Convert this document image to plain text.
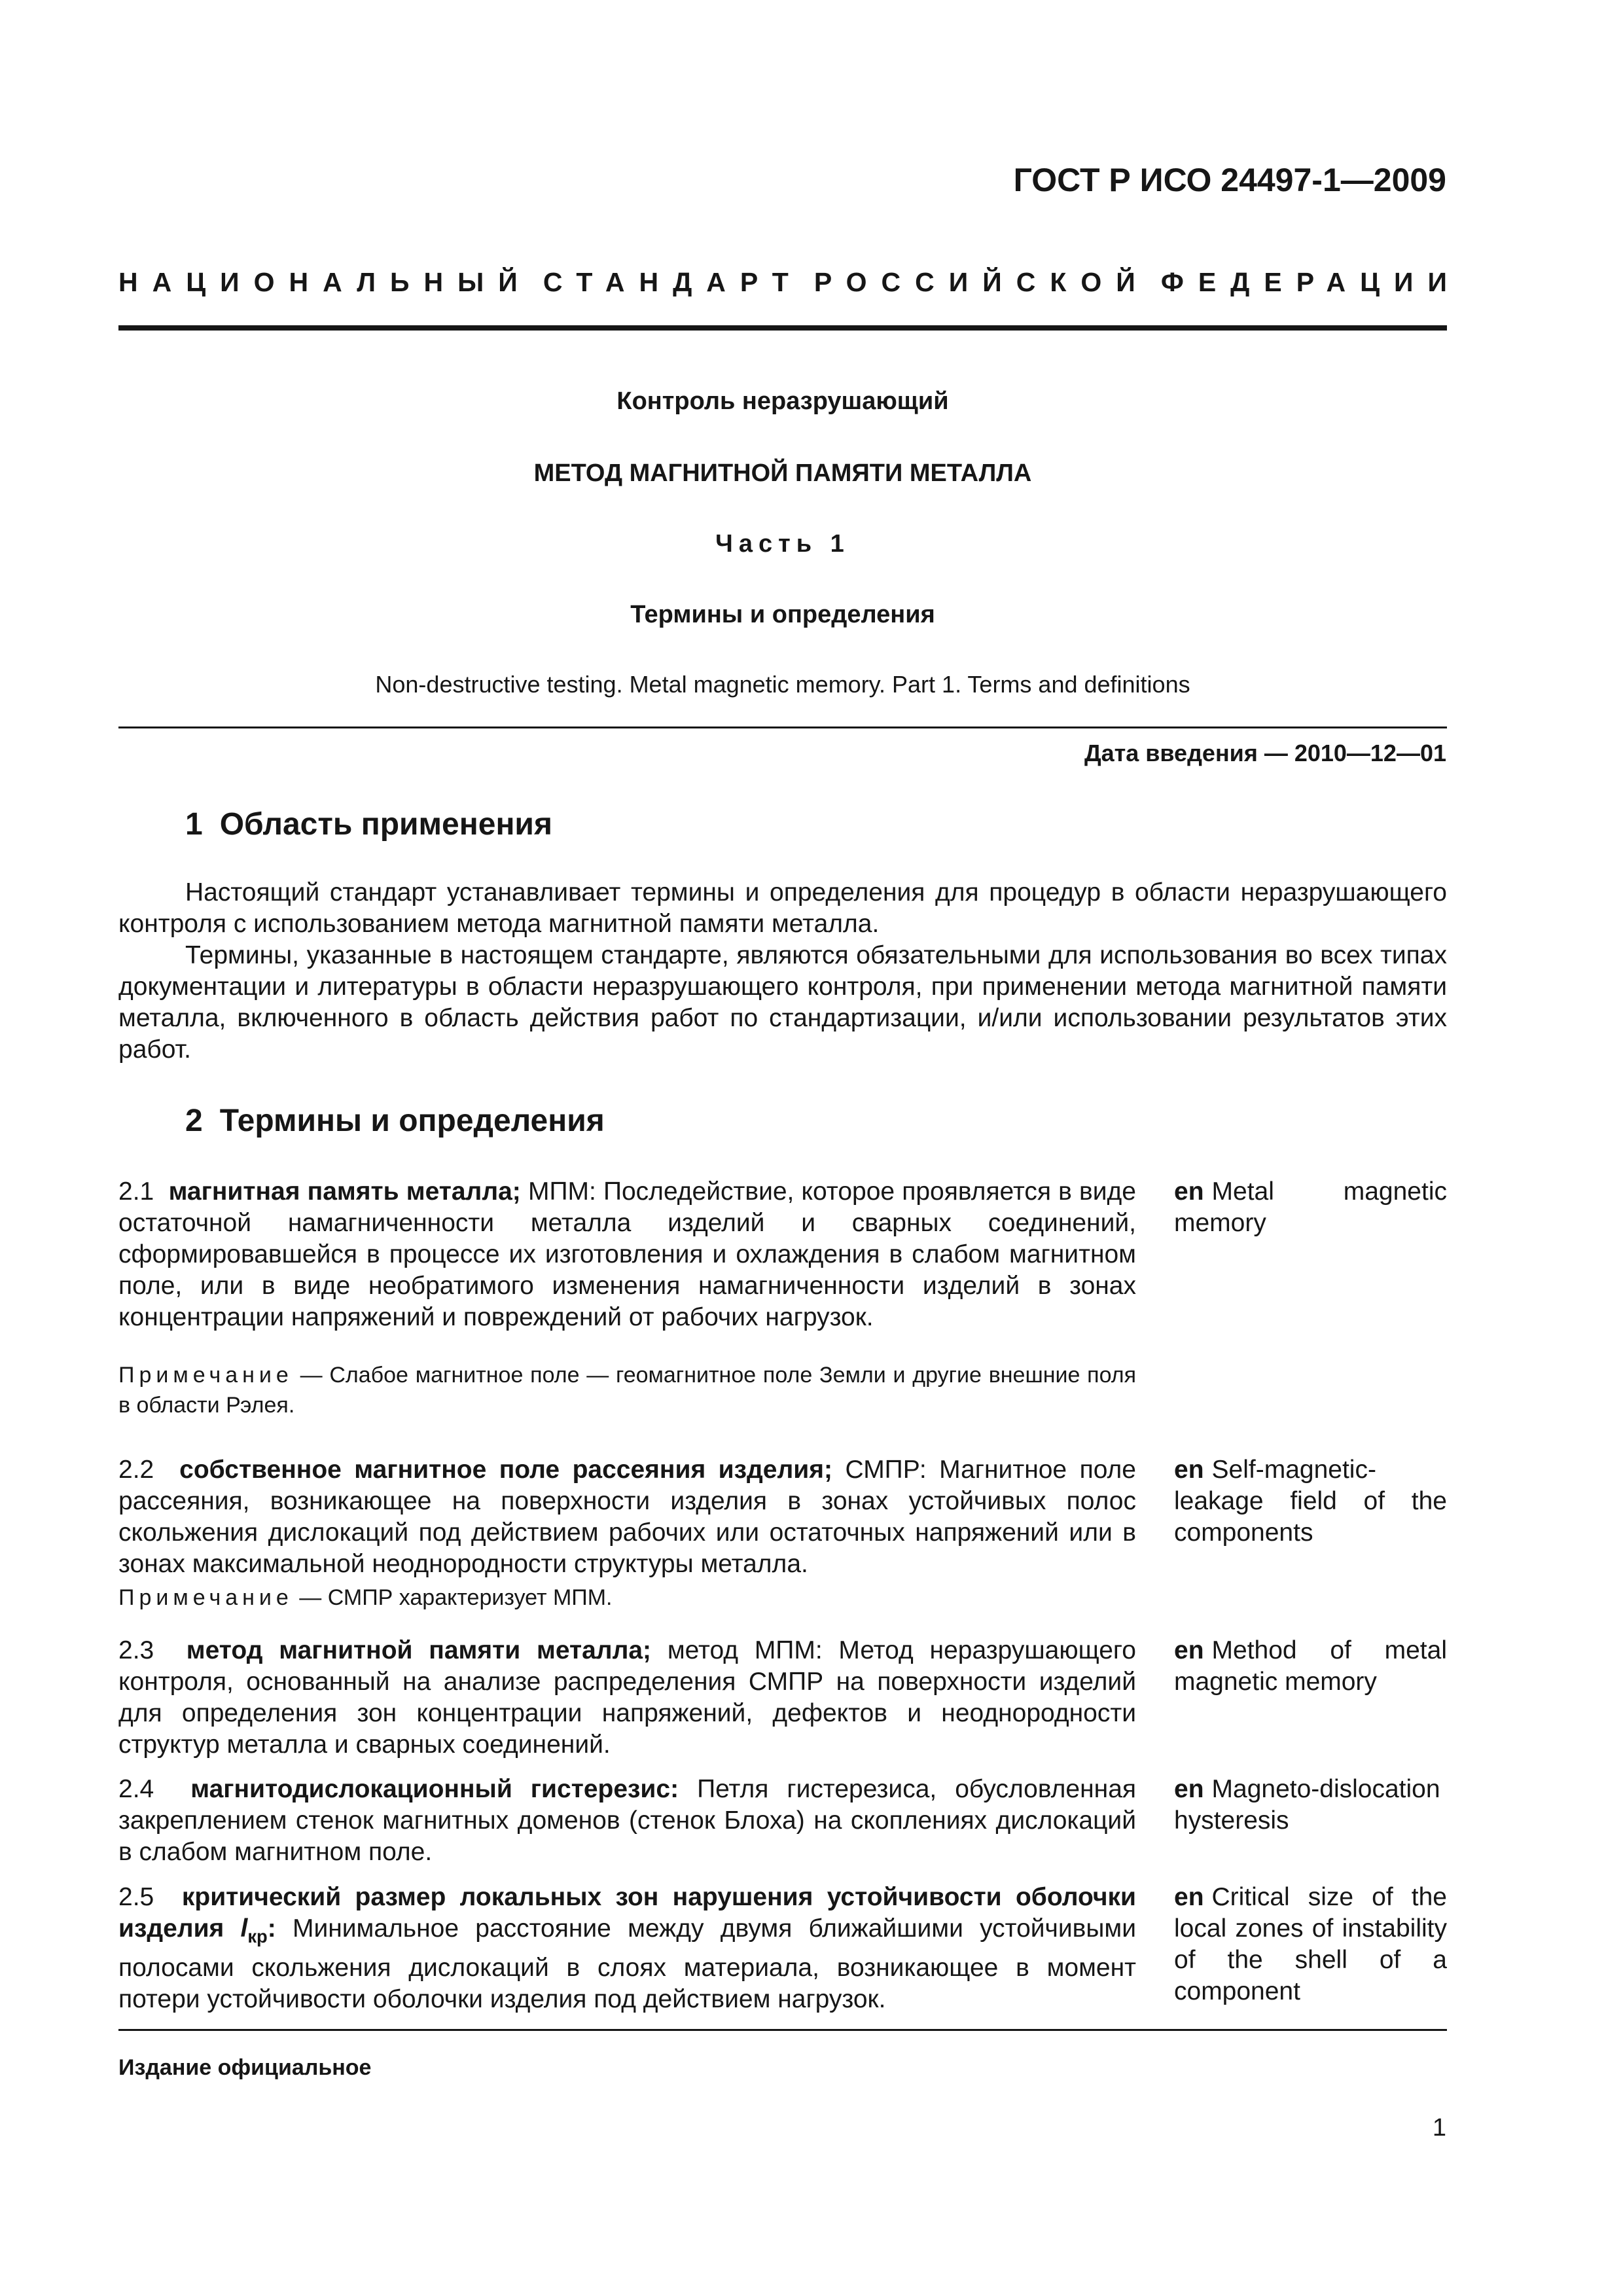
ГОСТ Р ИСО 24497-1—2009
НАЦИОНАЛЬНЫЙ СТАНДАРТ РОССИЙСКОЙ ФЕДЕРАЦИИ
Контроль неразрушающий
МЕТОД МАГНИТНОЙ ПАМЯТИ МЕТАЛЛА
Часть 1
Термины и определения
Non-destructive testing. Metal magnetic memory. Part 1. Terms and definitions
Дата введения — 2010—12—01
1 Область применения

Настоящий стандарт устанавливает термины и определения для процедур в области неразрушающего контроля с использованием метода магнитной памяти металла.

Термины, указанные в настоящем стандарте, являются обязательными для использования во всех типах документации и литературы в области неразрушающего контроля, при применении метода магнитной памяти металла, включенного в область действия работ по стандартизации, и/или использовании результатов этих работ.

2 Термины и определения
2.1 магнитная память металла; МПМ: Последействие, которое проявляется в виде остаточной намагниченности металла изделий и сварных соединений, сформировавшейся в процессе их изготовления и охлаждения в слабом магнитном поле, или в виде необратимого изменения намагниченности изделий в зонах концентрации напряжений и повреждений от рабочих нагрузок.
en Metal magnetic memory
Примечание — Слабое магнитное поле — геомагнитное поле Земли и другие внешние поля в области Рэлея.
2.2 собственное магнитное поле рассеяния изделия; СМПР: Магнитное поле рассеяния, возникающее на поверхности изделия в зонах устойчивых полос скольжения дислокаций под действием рабочих или остаточных напряжений или в зонах максимальной неоднородности структуры металла.
en Self-magnetic-leakage field of the components
Примечание — СМПР характеризует МПМ.
2.3 метод магнитной памяти металла; метод МПМ: Метод неразрушающего контроля, основанный на анализе распределения СМПР на поверхности изделий для определения зон концентрации напряжений, дефектов и неоднородности структур металла и сварных соединений.
en Method of metal magnetic memory
2.4 магнитодислокационный гистерезис: Петля гистерезиса, обусловленная закреплением стенок магнитных доменов (стенок Блоха) на скоплениях дислокаций в слабом магнитном поле.
en Magneto-dislocation hysteresis
2.5 критический размер локальных зон нарушения устойчивости оболочки изделия $l_{кр}$: Минимальное расстояние между двумя ближайшими устойчивыми полосами скольжения дислокаций в слоях материала, возникающее в момент потери устойчивости оболочки изделия под действием нагрузок.
en Critical size of the local zones of instability of the shell of a component
Издание официальное
1
